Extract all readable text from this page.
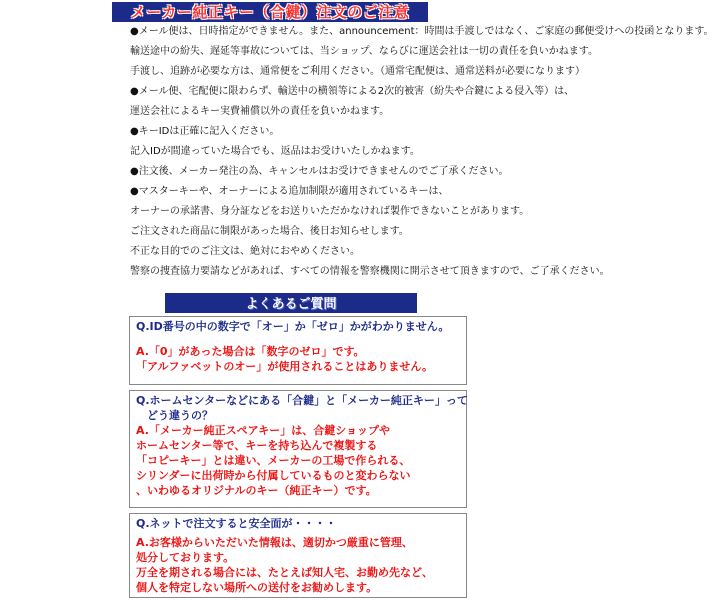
メーカー純正キー（合鍵）注文のご注意
●メール便は、日時指定ができません。また、announcement：時間は手渡しではなく、ご家庭の郵便受けへの投函となります。
輸送途中の紛失、遅延等事故については、当ショップ、ならびに運送会社は一切の責任を負いかねます。
手渡し、追跡が必要な方は、通常便をご利用ください。（通常宅配便は、通常送料が必要になります）
●メール便、宅配便に限わらず、輸送中の横領等による2次的被害（紛失や合鍵による侵入等）は、
運送会社によるキー実費補償以外の責任を負いかねます。
●キーIDは正確に記入ください。
記入IDが間違っていた場合でも、返品はお受けいたしかねます。
●注文後、メーカー発注の為、キャンセルはお受けできませんのでご了承ください。
●マスターキーや、オーナーによる追加制限が適用されているキーは、
オーナーの承諾書、身分証などをお送りいただかなければ製作できないことがあります。
ご注文された商品に制限があった場合、後日お知らせします。
不正な目的でのご注文は、絶対におやめください。
警察の捜査協力要請などがあれば、すべての情報を警察機関に開示させて頂きますので、ご了承ください。
よくあるご質問
Q.ID番号の中の数字で「オー」か「ゼロ」かがわかりません。
A.「0」があった場合は「数字のゼロ」です。
「アルファベットのオー」が使用されることはありません。
Q.ホームセンターなどにある「合鍵」と「メーカー純正キー」って
　どう違うの？
A.「メーカー純正スペアキー」は、合鍵ショップや
ホームセンター等で、キーを持ち込んで複製する
「コピーキー」とは違い、メーカーの工場で作られる、
シリンダーに出荷時から付属しているものと変わらない
、いわゆるオリジナルのキー（純正キー）です。
Q.ネットで注文すると安全面が・・・・
A.お客様からいただいた情報は、適切かつ厳重に管理、
処分しております。
万全を期される場合には、たとえば知人宅、お勤め先など、
個人を特定しない場所への送付をお勧めします。
